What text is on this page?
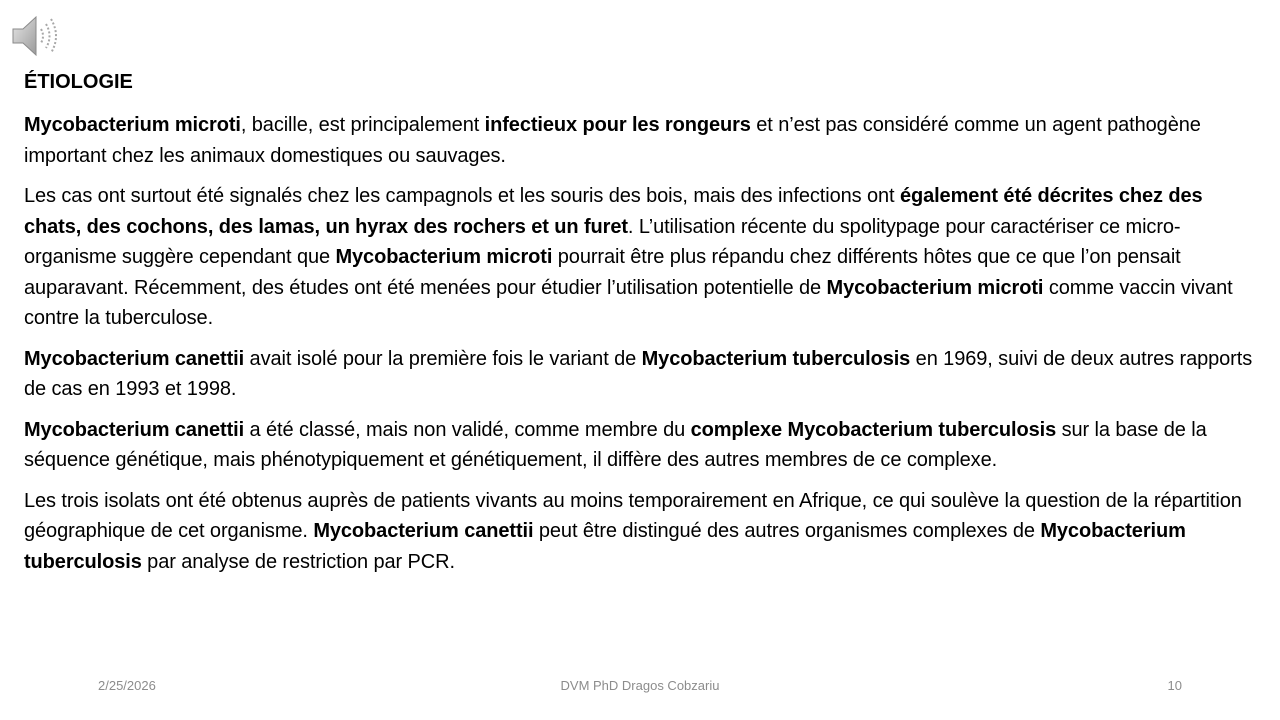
ÉTIOLOGIE

Mycobacterium microti, bacille, est principalement infectieux pour les rongeurs et n’est pas considéré comme un agent pathogène important chez les animaux domestiques ou sauvages.

Les cas ont surtout été signalés chez les campagnols et les souris des bois, mais des infections ont également été décrites chez des chats, des cochons, des lamas, un hyrax des rochers et un furet. L’utilisation récente du spolitypage pour caractériser ce micro-organisme suggère cependant que Mycobacterium microti pourrait être plus répandu chez différents hôtes que ce que l’on pensait auparavant. Récemment, des études ont été menées pour étudier l’utilisation potentielle de Mycobacterium microti comme vaccin vivant contre la tuberculose.

Mycobacterium canettii avait isolé pour la première fois le variant de Mycobacterium tuberculosis en 1969, suivi de deux autres rapports de cas en 1993 et 1998.

Mycobacterium canettii a été classé, mais non validé, comme membre du complexe Mycobacterium tuberculosis sur la base de la séquence génétique, mais phénotypiquement et génétiquement, il diffère des autres membres de ce complexe.

Les trois isolats ont été obtenus auprès de patients vivants au moins temporairement en Afrique, ce qui soulève la question de la répartition géographique de cet organisme. Mycobacterium canettii peut être distingué des autres organismes complexes de Mycobacterium tuberculosis par analyse de restriction par PCR.

2/25/2026	DVM PhD Dragos Cobzariu	10
